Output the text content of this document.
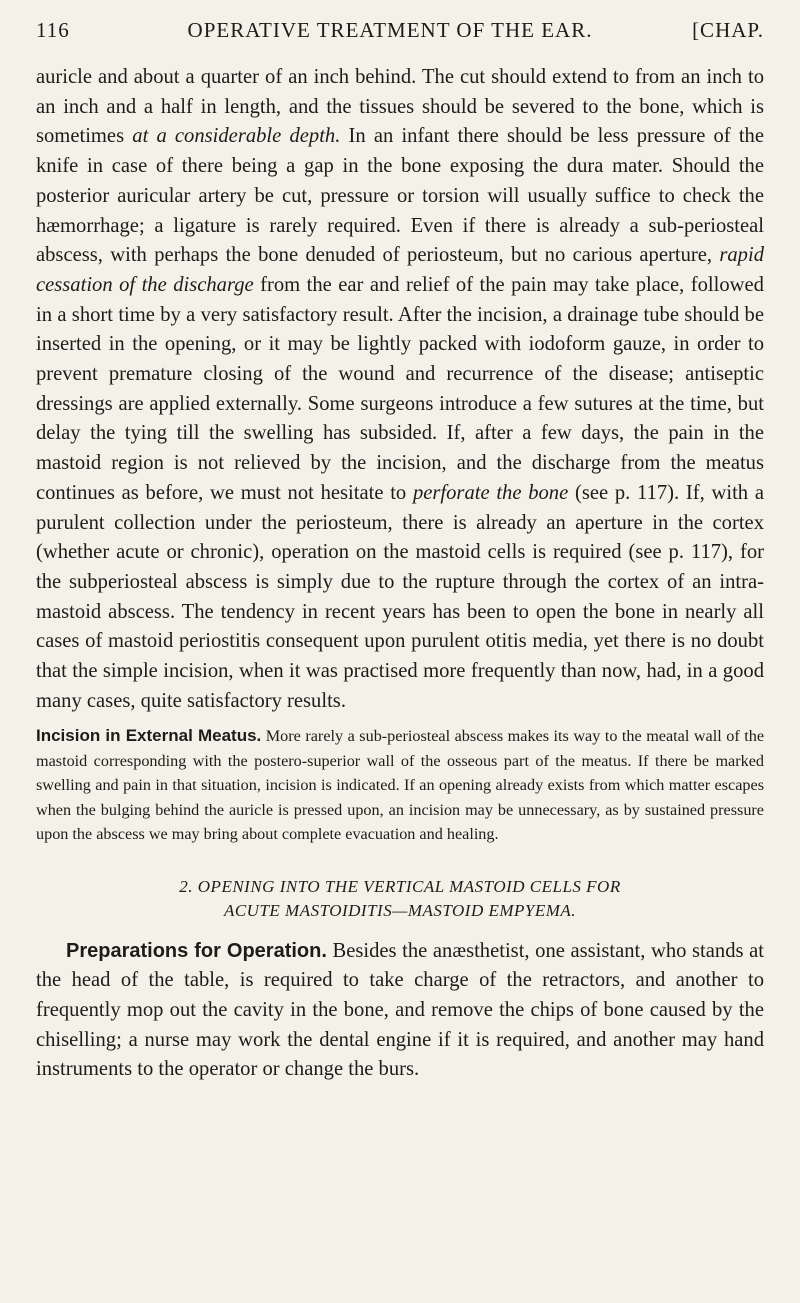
116	OPERATIVE TREATMENT OF THE EAR.	[CHAP.

auricle and about a quarter of an inch behind. The cut should extend to from an inch to an inch and a half in length, and the tissues should be severed to the bone, which is sometimes at a considerable depth. In an infant there should be less pressure of the knife in case of there being a gap in the bone exposing the dura mater. Should the posterior auricular artery be cut, pressure or torsion will usually suffice to check the hæmorrhage; a ligature is rarely required. Even if there is already a sub-periosteal abscess, with perhaps the bone denuded of periosteum, but no carious aperture, rapid cessation of the discharge from the ear and relief of the pain may take place, followed in a short time by a very satisfactory result. After the incision, a drainage tube should be inserted in the opening, or it may be lightly packed with iodoform gauze, in order to prevent premature closing of the wound and recurrence of the disease; antiseptic dressings are applied externally. Some surgeons introduce a few sutures at the time, but delay the tying till the swelling has subsided. If, after a few days, the pain in the mastoid region is not relieved by the incision, and the discharge from the meatus continues as before, we must not hesitate to perforate the bone (see p. 117). If, with a purulent collection under the periosteum, there is already an aperture in the cortex (whether acute or chronic), operation on the mastoid cells is required (see p. 117), for the subperiosteal abscess is simply due to the rupture through the cortex of an intra-mastoid abscess. The tendency in recent years has been to open the bone in nearly all cases of mastoid periostitis consequent upon purulent otitis media, yet there is no doubt that the simple incision, when it was practised more frequently than now, had, in a good many cases, quite satisfactory results.

Incision in External Meatus. More rarely a sub-periosteal abscess makes its way to the meatal wall of the mastoid corresponding with the postero-superior wall of the osseous part of the meatus. If there be marked swelling and pain in that situation, incision is indicated. If an opening already exists from which matter escapes when the bulging behind the auricle is pressed upon, an incision may be unnecessary, as by sustained pressure upon the abscess we may bring about complete evacuation and healing.

2. OPENING INTO THE VERTICAL MASTOID CELLS FOR
ACUTE MASTOIDITIS—MASTOID EMPYEMA.

Preparations for Operation. Besides the anæsthetist, one assistant, who stands at the head of the table, is required to take charge of the retractors, and another to frequently mop out the cavity in the bone, and remove the chips of bone caused by the chiselling; a nurse may work the dental engine if it is required, and another may hand instruments to the operator or change the burs.
